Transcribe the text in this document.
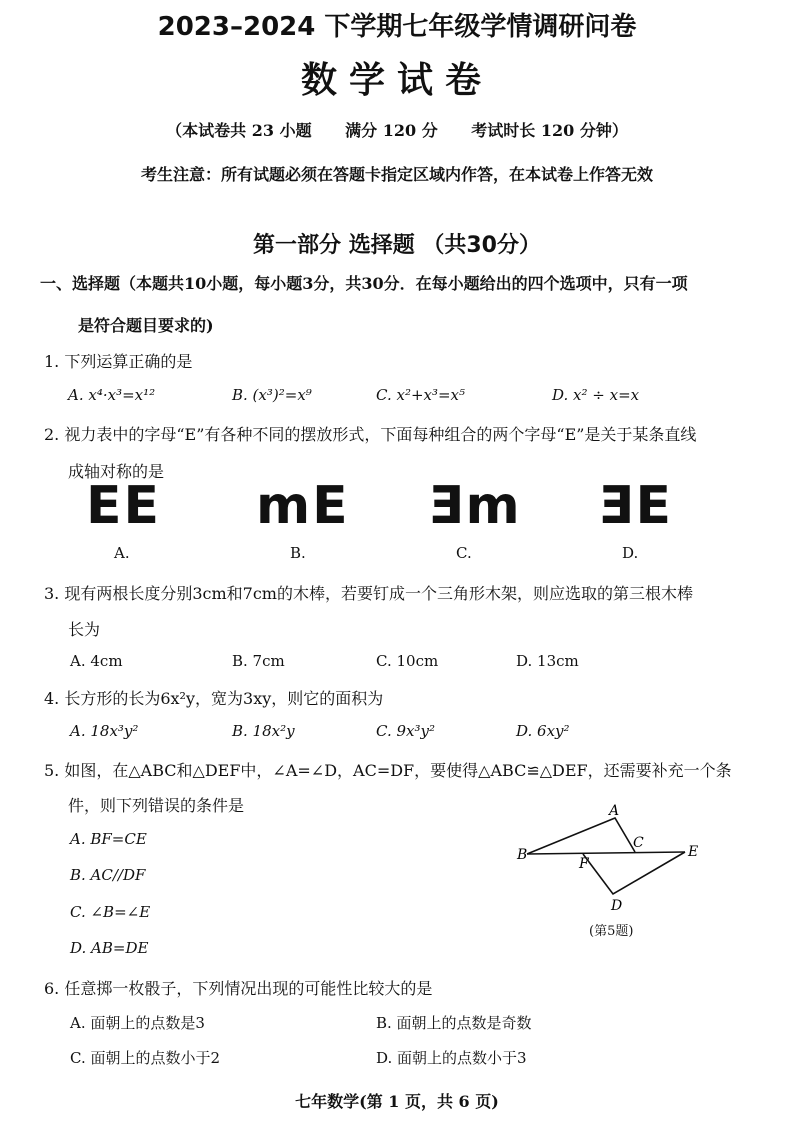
2023–2024 下学期七年级学情调研问卷
数学试卷
（本试卷共 23 小题 满分 120 分 考试时长 120 分钟）
考生注意：所有试题必须在答题卡指定区域内作答，在本试卷上作答无效
第一部分 选择题 （共30分）
一、选择题（本题共10小题，每小题3分，共30分．在每小题给出的四个选项中，只有一项
是符合题目要求的)
1. 下列运算正确的是
A. x⁴·x³=x¹²	B. (x³)²=x⁹	C. x²+x³=x⁵	D. x² ÷ x=x
2. 视力表中的字母“E”有各种不同的摆放形式，下面每种组合的两个字母“E”是关于某条直线
成轴对称的是
EE mE Ǝm ƎE
A.	B.	C.	D.
3. 现有两根长度分别3cm和7cm的木棒，若要钉成一个三角形木架，则应选取的第三根木棒
长为
A. 4cm	B. 7cm	C. 10cm	D. 13cm
4. 长方形的长为6x²y，宽为3xy，则它的面积为
A. 18x³y²	B. 18x²y	C. 9x³y²	D. 6xy²
5. 如图，在△ABC和△DEF中，∠A=∠D，AC=DF，要使得△ABC≌△DEF，还需要补充一个条
件，则下列错误的条件是
A. BF=CE
B. AC//DF
C. ∠B=∠E
D. AB=DE
A
B
C
E
F
D
(第5题)
6. 任意掷一枚骰子，下列情况出现的可能性比较大的是
A. 面朝上的点数是3	B. 面朝上的点数是奇数
C. 面朝上的点数小于2	D. 面朝上的点数小于3
七年数学(第 1 页，共 6 页)
